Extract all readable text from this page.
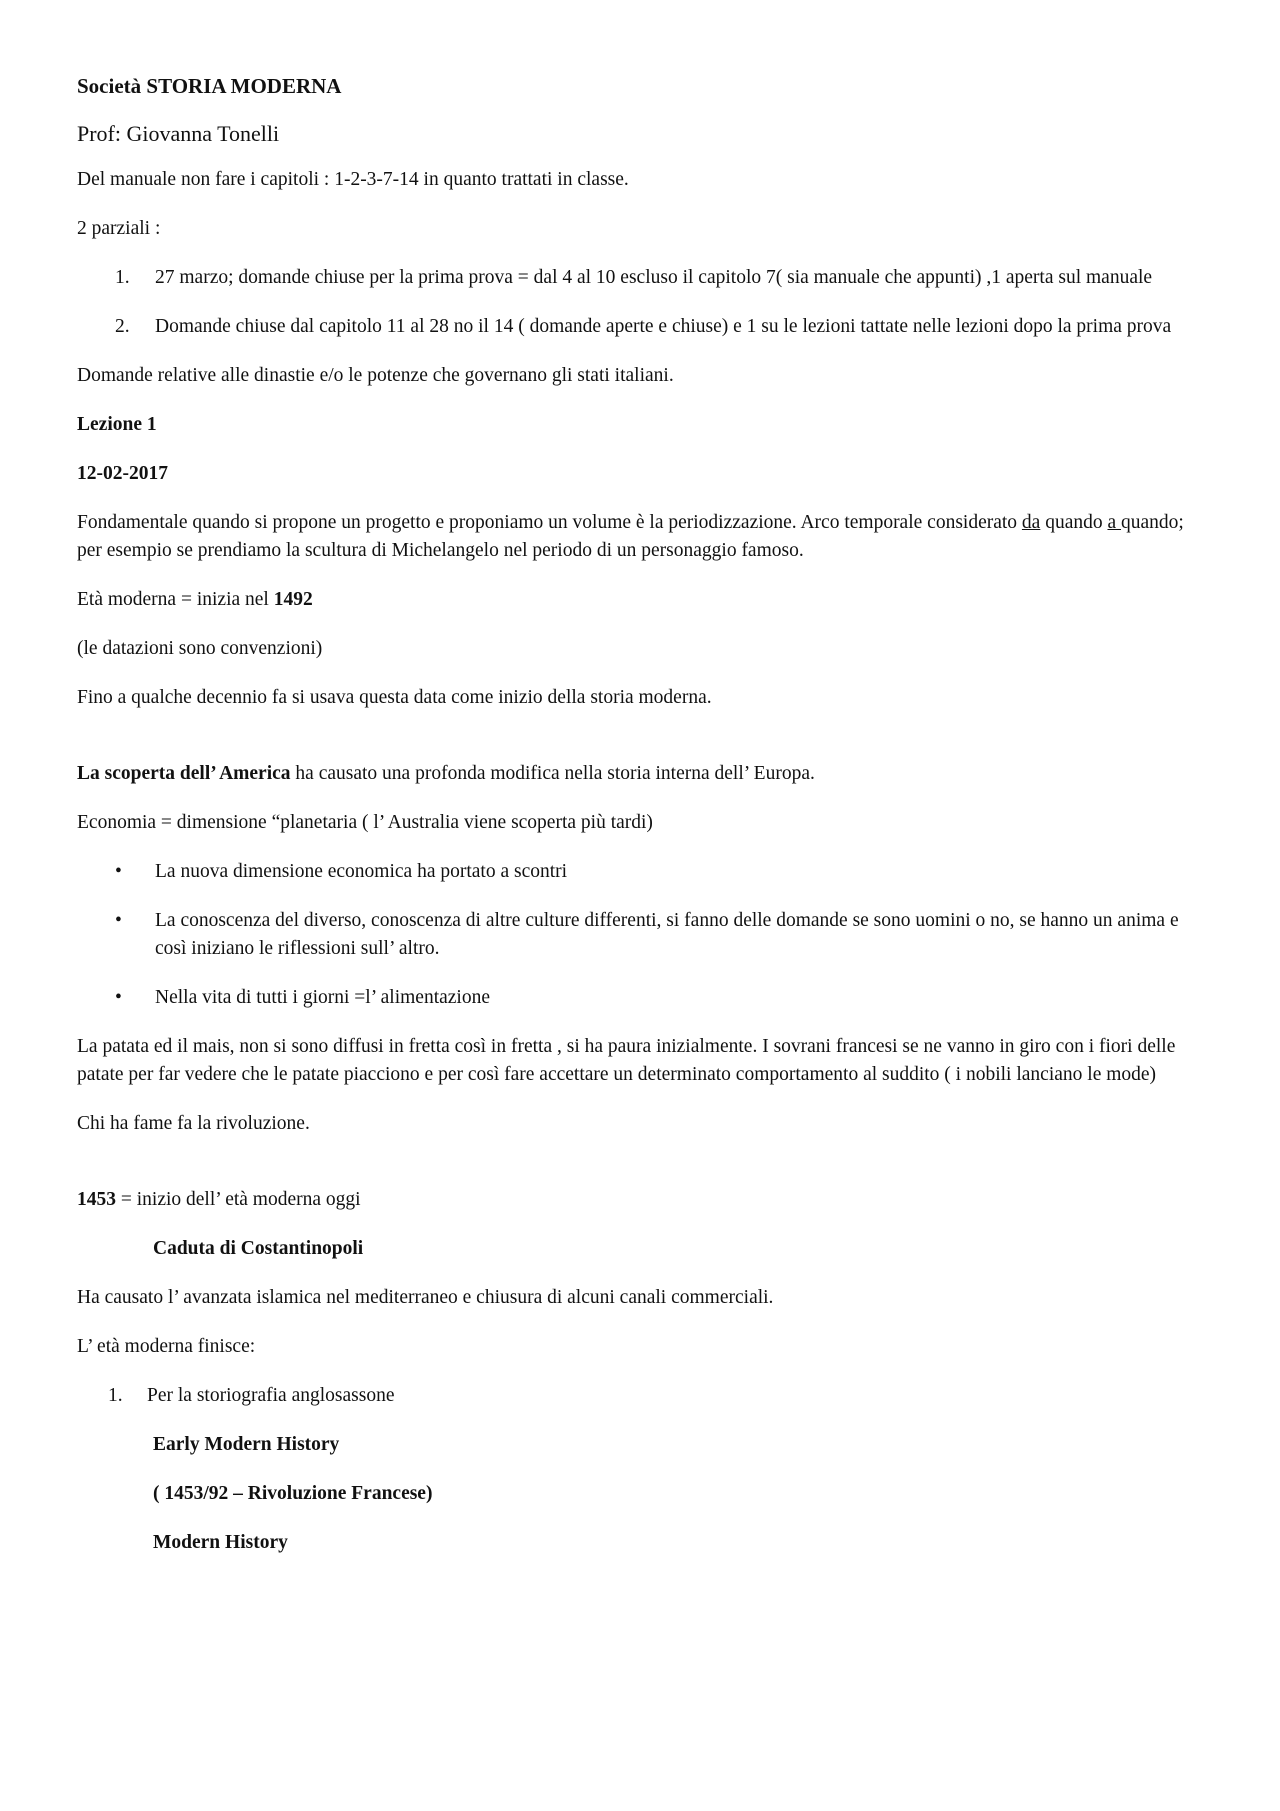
Società STORIA MODERNA

Prof: Giovanna Tonelli

Del manuale non fare i capitoli : 1-2-3-7-14 in quanto trattati in classe.

2 parziali :

1. 27 marzo; domande chiuse per la prima prova = dal 4 al 10 escluso il capitolo 7( sia manuale che appunti) ,1 aperta sul manuale
2. Domande chiuse dal capitolo 11 al 28 no il 14 ( domande aperte e chiuse) e 1 su le lezioni tattate nelle lezioni dopo la prima prova

Domande relative alle dinastie e/o le potenze che governano gli stati italiani.

Lezione 1

12-02-2017

Fondamentale quando si propone un progetto e proponiamo un volume è la periodizzazione. Arco temporale considerato da quando a quando; per esempio se prendiamo la scultura di Michelangelo nel periodo di un personaggio famoso.

Età moderna = inizia nel 1492

(le datazioni sono convenzioni)

Fino a qualche decennio fa si usava questa data come inizio della storia moderna.

La scoperta dell’ America ha causato una profonda modifica nella storia interna dell’ Europa.

Economia = dimensione “planetaria ( l’ Australia viene scoperta più tardi)

• La nuova dimensione economica ha portato a scontri
• La conoscenza del diverso, conoscenza di altre culture differenti, si fanno delle domande se sono uomini o no, se hanno un anima e così iniziano le riflessioni sull’ altro.
• Nella vita di tutti i giorni =l’ alimentazione

La patata ed il mais, non si sono diffusi in fretta così in fretta , si ha paura inizialmente. I sovrani francesi se ne vanno in giro con i fiori delle patate per far vedere che le patate piacciono e per così fare accettare un determinato comportamento al suddito ( i nobili lanciano le mode)

Chi ha fame fa la rivoluzione.

1453 = inizio dell’ età moderna oggi

Caduta di Costantinopoli

Ha causato l’ avanzata islamica nel mediterraneo e chiusura di alcuni canali commerciali.

L’ età moderna finisce:

1. Per la storiografia anglosassone

Early Modern History

( 1453/92 – Rivoluzione Francese)

Modern History
